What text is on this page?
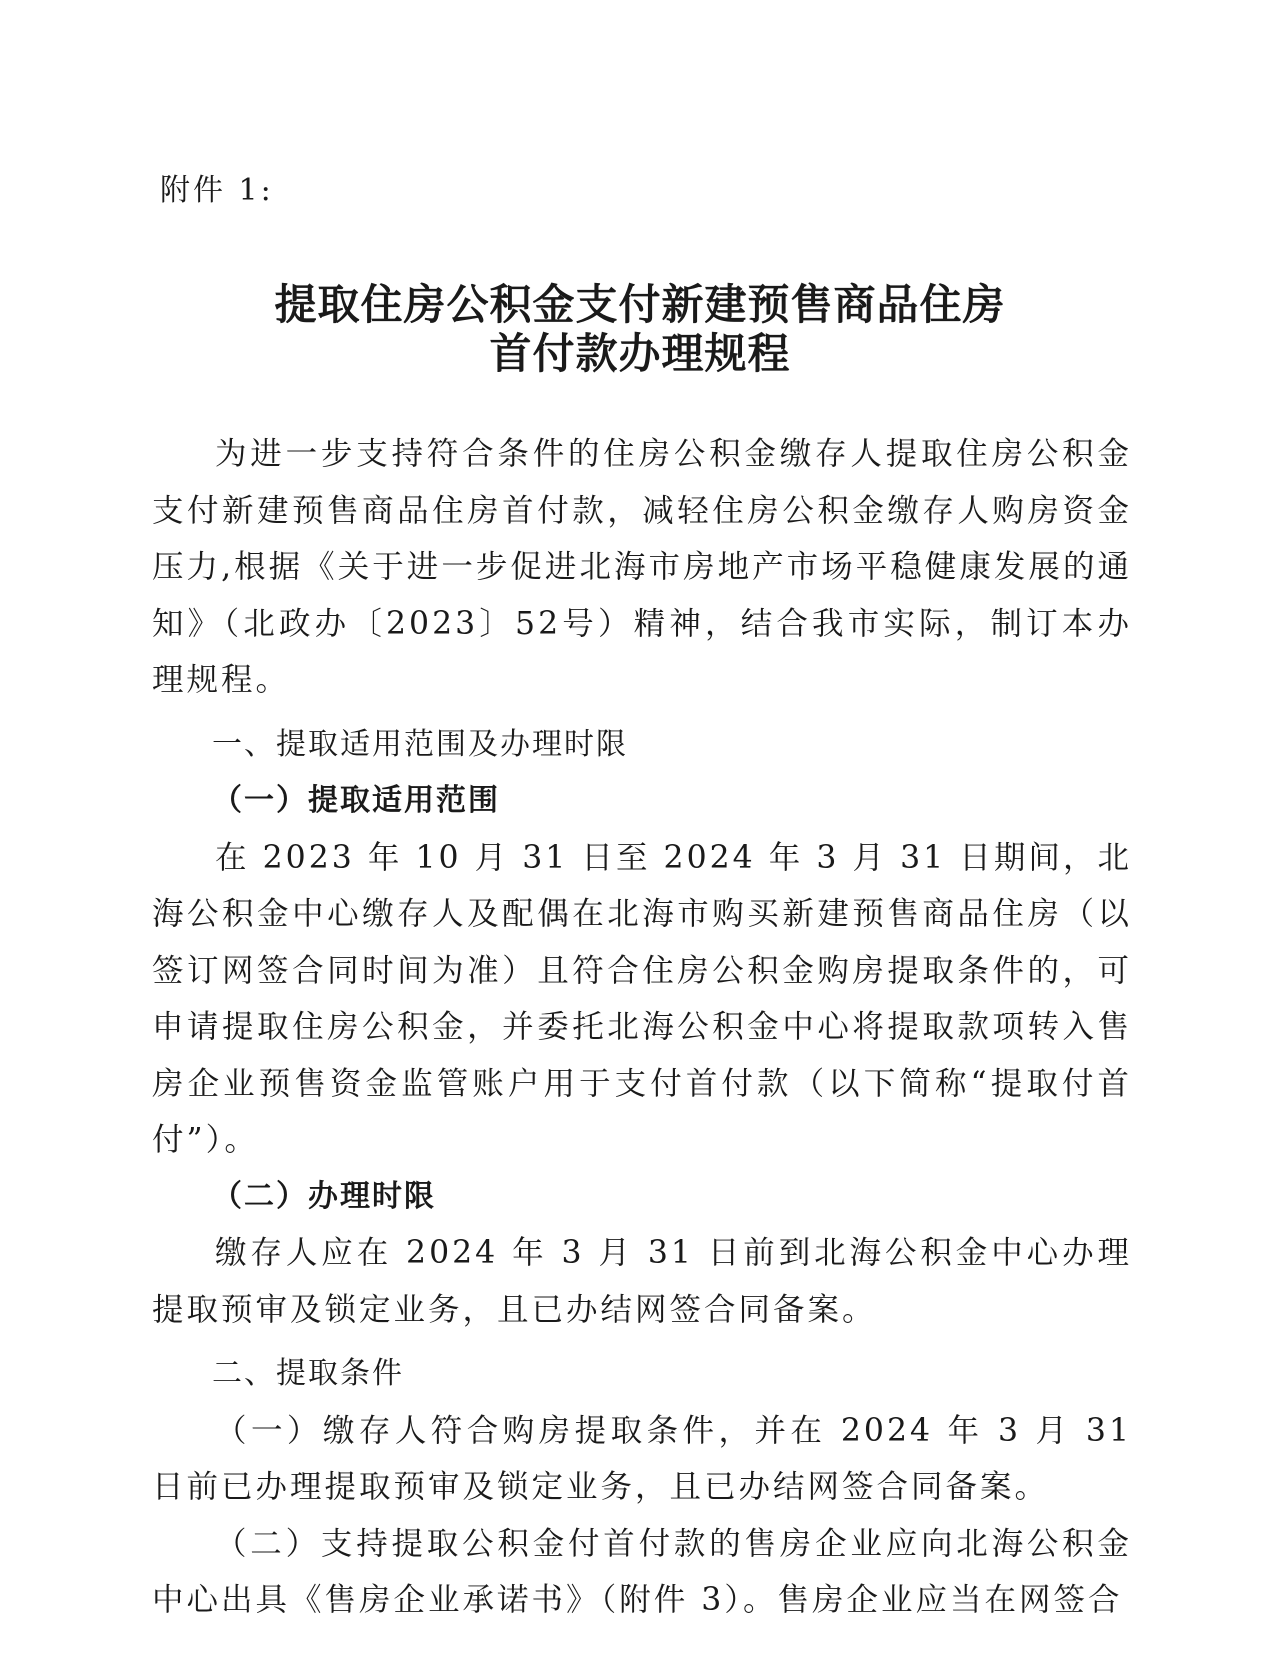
附件 1:
提取住房公积金支付新建预售商品住房
首付款办理规程

为进一步支持符合条件的住房公积金缴存人提取住房公积金支付新建预售商品住房首付款，减轻住房公积金缴存人购房资金压力,根据《关于进一步促进北海市房地产市场平稳健康发展的通知》（北政办〔2023〕52号）精神，结合我市实际，制订本办理规程。

一、提取适用范围及办理时限

（一）提取适用范围

在 2023 年 10 月 31 日至 2024 年 3 月 31 日期间，北海公积金中心缴存人及配偶在北海市购买新建预售商品住房（以签订网签合同时间为准）且符合住房公积金购房提取条件的，可申请提取住房公积金，并委托北海公积金中心将提取款项转入售房企业预售资金监管账户用于支付首付款（以下简称“提取付首付”）。

（二）办理时限

缴存人应在 2024 年 3 月 31 日前到北海公积金中心办理提取预审及锁定业务，且已办结网签合同备案。

二、提取条件

（一）缴存人符合购房提取条件，并在 2024 年 3 月 31 日前已办理提取预审及锁定业务，且已办结网签合同备案。

（二）支持提取公积金付首付款的售房企业应向北海公积金中心出具《售房企业承诺书》（附件 3）。售房企业应当在网签合
